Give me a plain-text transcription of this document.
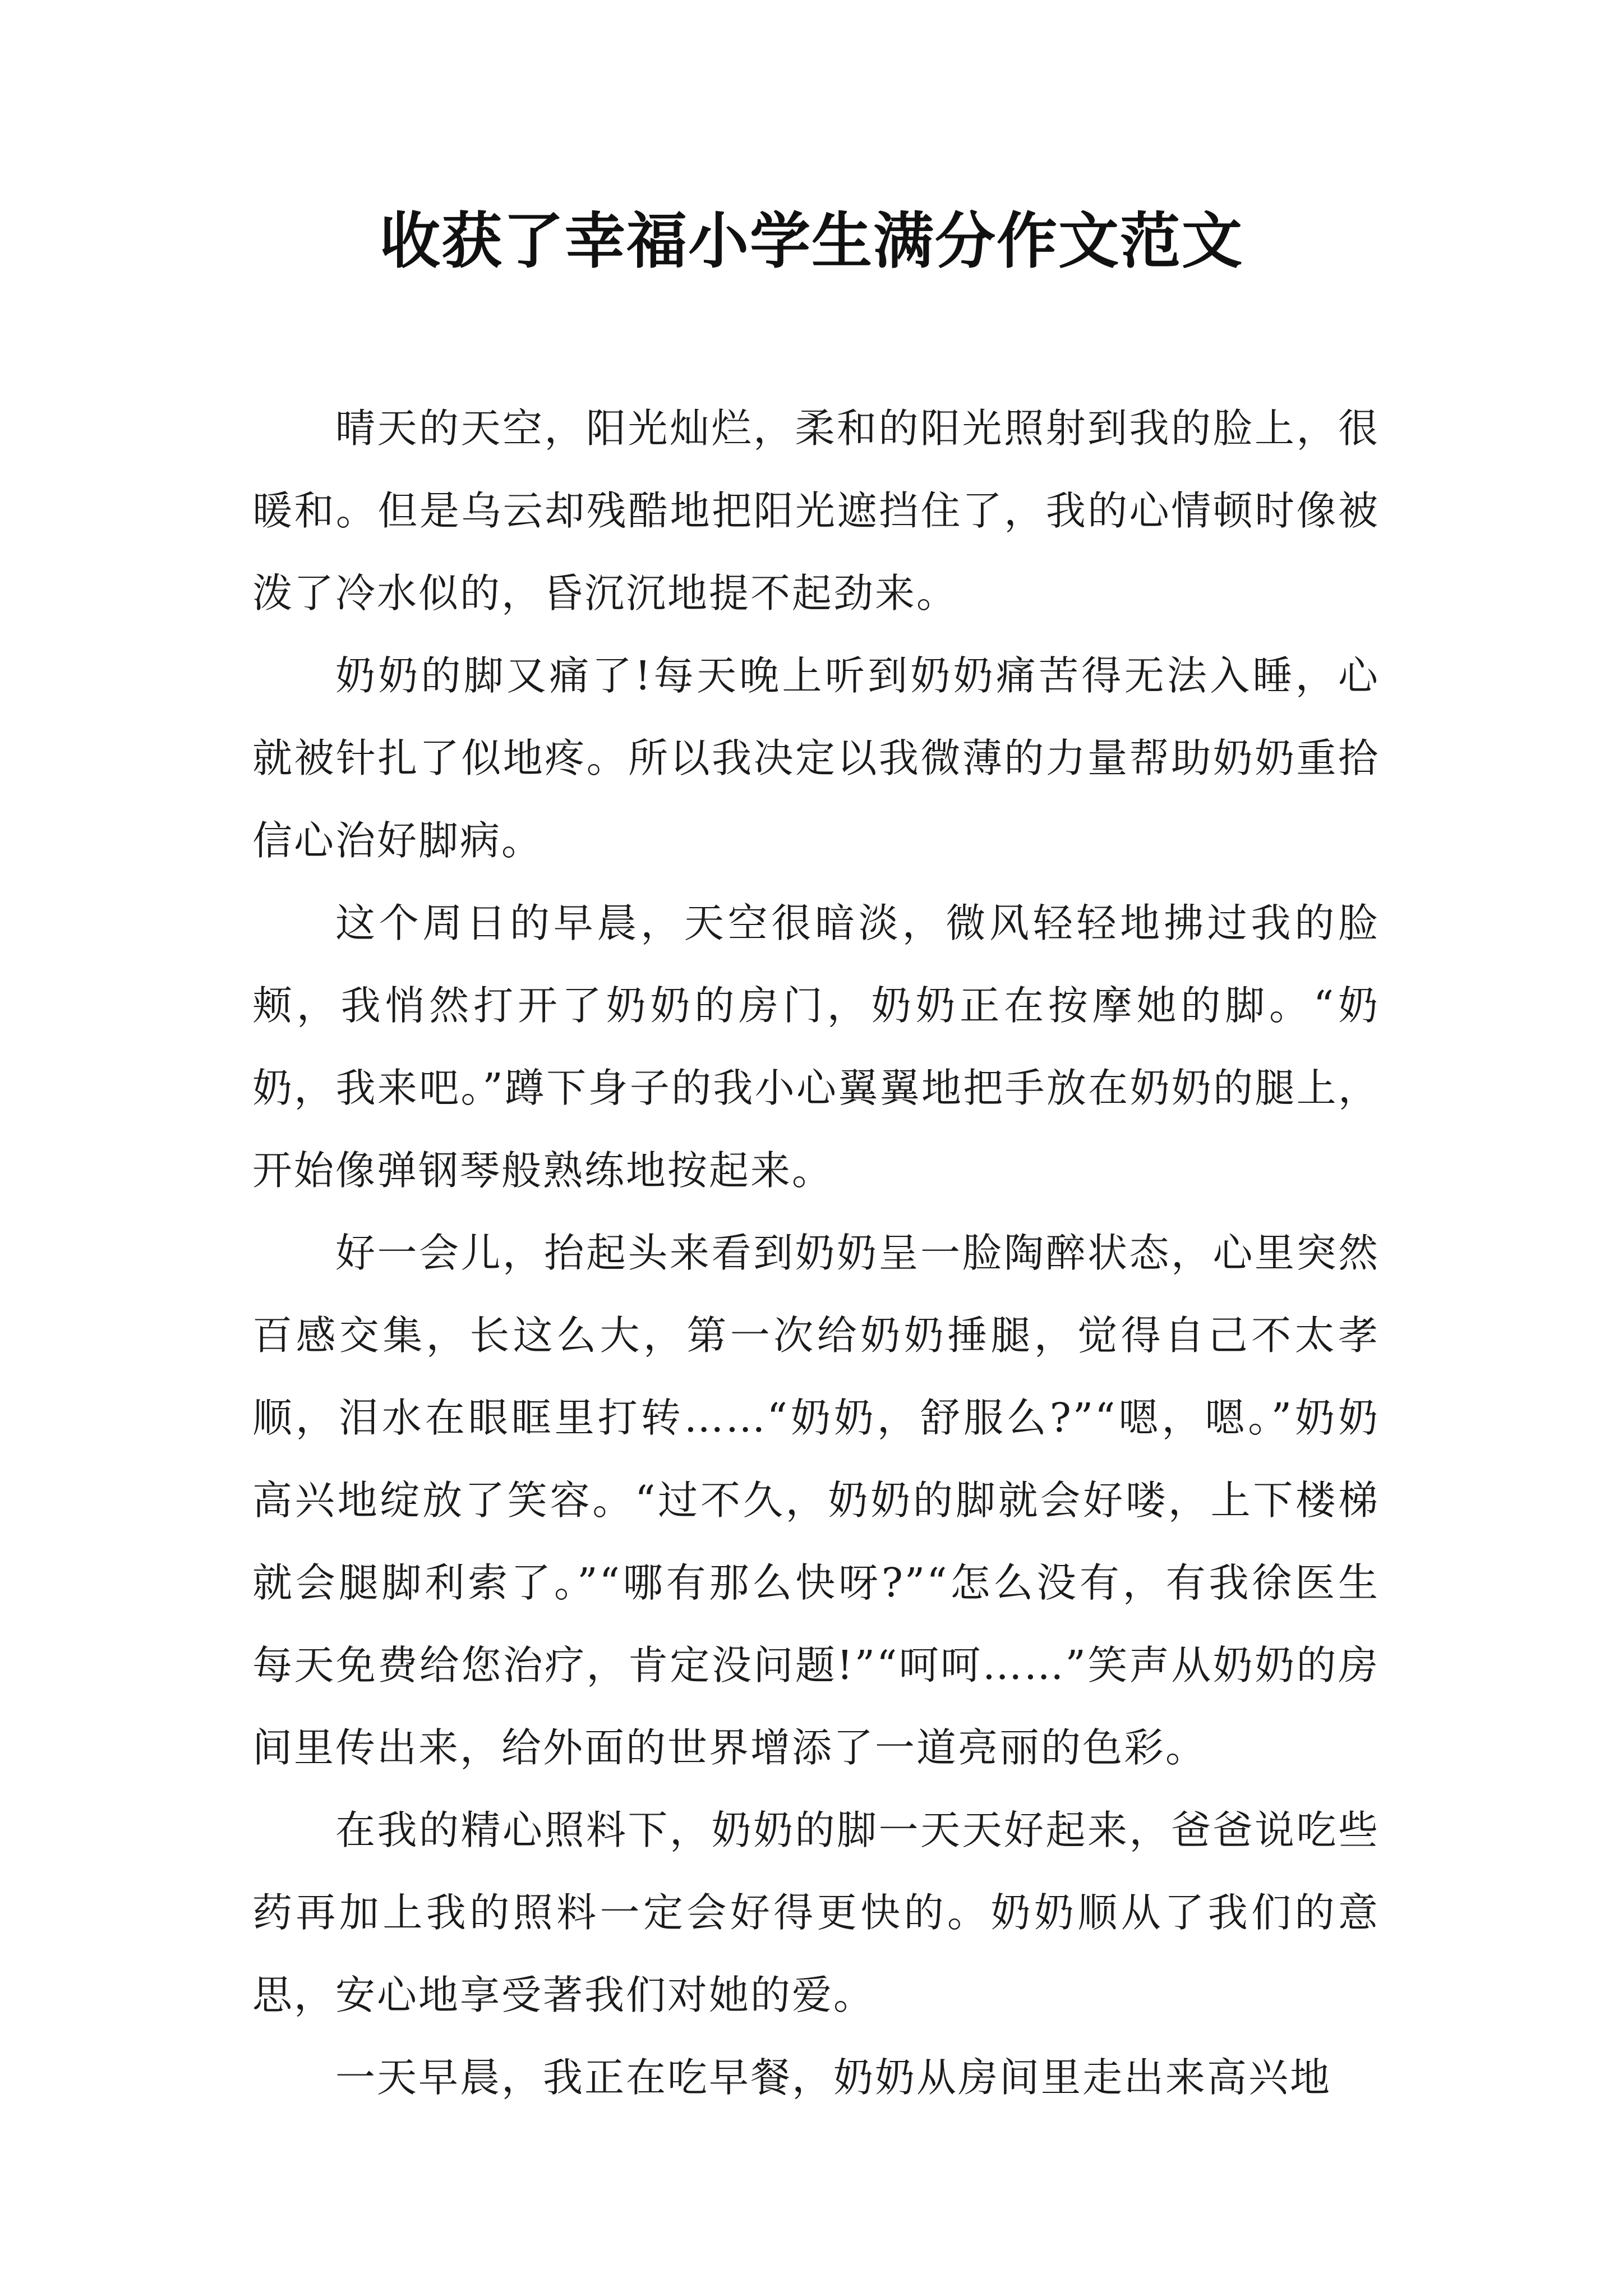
收获了幸福小学生满分作文范文

晴天的天空，阳光灿烂，柔和的阳光照射到我的脸上，很暖和。但是乌云却残酷地把阳光遮挡住了，我的心情顿时像被泼了冷水似的，昏沉沉地提不起劲来。

奶奶的脚又痛了!每天晚上听到奶奶痛苦得无法入睡，心就被针扎了似地疼。所以我决定以我微薄的力量帮助奶奶重拾信心治好脚病。

这个周日的早晨，天空很暗淡，微风轻轻地拂过我的脸颊，我悄然打开了奶奶的房门，奶奶正在按摩她的脚。“奶奶，我来吧。”蹲下身子的我小心翼翼地把手放在奶奶的腿上，开始像弹钢琴般熟练地按起来。

好一会儿，抬起头来看到奶奶呈一脸陶醉状态，心里突然百感交集，长这么大，第一次给奶奶捶腿，觉得自己不太孝顺，泪水在眼眶里打转……“奶奶，舒服么?”“嗯，嗯。”奶奶高兴地绽放了笑容。“过不久，奶奶的脚就会好喽，上下楼梯就会腿脚利索了。”“哪有那么快呀?”“怎么没有，有我徐医生每天免费给您治疗，肯定没问题!”“呵呵……”笑声从奶奶的房间里传出来，给外面的世界增添了一道亮丽的色彩。

在我的精心照料下，奶奶的脚一天天好起来，爸爸说吃些药再加上我的照料一定会好得更快的。奶奶顺从了我们的意思，安心地享受著我们对她的爱。

一天早晨，我正在吃早餐，奶奶从房间里走出来高兴地
